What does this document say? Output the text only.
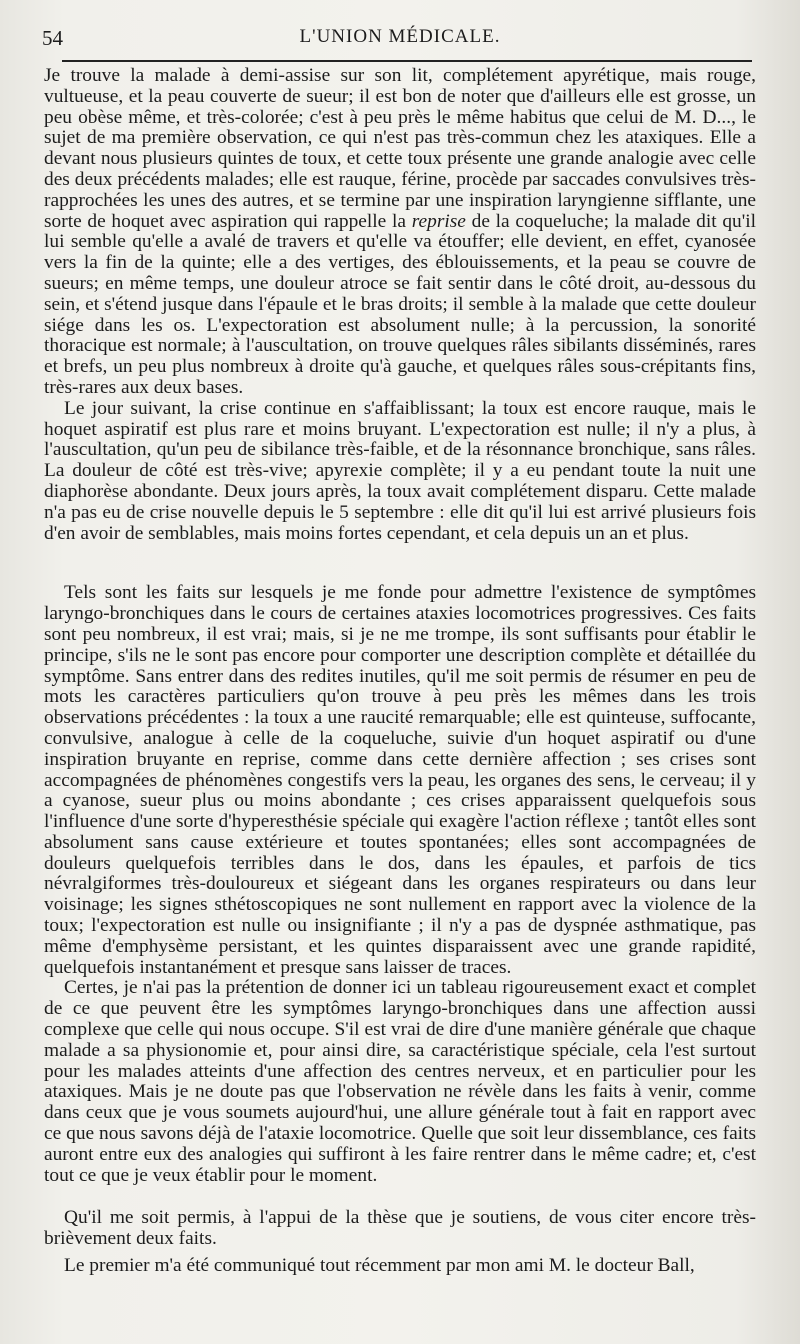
54	L'UNION MÉDICALE.

Je trouve la malade à demi-assise sur son lit, complétement apyrétique, mais rouge, vultueuse, et la peau couverte de sueur; il est bon de noter que d'ailleurs elle est grosse, un peu obèse même, et très-colorée; c'est à peu près le même habitus que celui de M. D..., le sujet de ma première observation, ce qui n'est pas très-commun chez les ataxiques. Elle a devant nous plusieurs quintes de toux, et cette toux présente une grande analogie avec celle des deux précédents malades; elle est rauque, férine, procède par saccades convulsives très-rapprochées les unes des autres, et se termine par une inspiration laryngienne sifflante, une sorte de hoquet avec aspiration qui rappelle la reprise de la coqueluche; la malade dit qu'il lui semble qu'elle a avalé de travers et qu'elle va étouffer; elle devient, en effet, cyanosée vers la fin de la quinte; elle a des vertiges, des éblouissements, et la peau se couvre de sueurs; en même temps, une douleur atroce se fait sentir dans le côté droit, au-dessous du sein, et s'étend jusque dans l'épaule et le bras droits; il semble à la malade que cette douleur siége dans les os. L'expectoration est absolument nulle; à la percussion, la sonorité thoracique est normale; à l'auscultation, on trouve quelques râles sibilants disséminés, rares et brefs, un peu plus nombreux à droite qu'à gauche, et quelques râles sous-crépitants fins, très-rares aux deux bases.

Le jour suivant, la crise continue en s'affaiblissant; la toux est encore rauque, mais le hoquet aspiratif est plus rare et moins bruyant. L'expectoration est nulle; il n'y a plus, à l'auscultation, qu'un peu de sibilance très-faible, et de la résonnance bronchique, sans râles. La douleur de côté est très-vive; apyrexie complète; il y a eu pendant toute la nuit une diaphorèse abondante. Deux jours après, la toux avait complétement disparu. Cette malade n'a pas eu de crise nouvelle depuis le 5 septembre : elle dit qu'il lui est arrivé plusieurs fois d'en avoir de semblables, mais moins fortes cependant, et cela depuis un an et plus.

Tels sont les faits sur lesquels je me fonde pour admettre l'existence de symptômes laryngo-bronchiques dans le cours de certaines ataxies locomotrices progressives. Ces faits sont peu nombreux, il est vrai; mais, si je ne me trompe, ils sont suffisants pour établir le principe, s'ils ne le sont pas encore pour comporter une description complète et détaillée du symptôme. Sans entrer dans des redites inutiles, qu'il me soit permis de résumer en peu de mots les caractères particuliers qu'on trouve à peu près les mêmes dans les trois observations précédentes : la toux a une raucité remarquable; elle est quinteuse, suffocante, convulsive, analogue à celle de la coqueluche, suivie d'un hoquet aspiratif ou d'une inspiration bruyante en reprise, comme dans cette dernière affection ; ses crises sont accompagnées de phénomènes congestifs vers la peau, les organes des sens, le cerveau; il y a cyanose, sueur plus ou moins abondante ; ces crises apparaissent quelquefois sous l'influence d'une sorte d'hyperesthésie spéciale qui exagère l'action réflexe ; tantôt elles sont absolument sans cause extérieure et toutes spontanées; elles sont accompagnées de douleurs quelquefois terribles dans le dos, dans les épaules, et parfois de tics névralgiformes très-douloureux et siégeant dans les organes respirateurs ou dans leur voisinage; les signes sthétoscopiques ne sont nullement en rapport avec la violence de la toux; l'expectoration est nulle ou insignifiante ; il n'y a pas de dyspnée asthmatique, pas même d'emphysème persistant, et les quintes disparaissent avec une grande rapidité, quelquefois instantanément et presque sans laisser de traces.

Certes, je n'ai pas la prétention de donner ici un tableau rigoureusement exact et complet de ce que peuvent être les symptômes laryngo-bronchiques dans une affection aussi complexe que celle qui nous occupe. S'il est vrai de dire d'une manière générale que chaque malade a sa physionomie et, pour ainsi dire, sa caractéristique spéciale, cela l'est surtout pour les malades atteints d'une affection des centres nerveux, et en particulier pour les ataxiques. Mais je ne doute pas que l'observation ne révèle dans les faits à venir, comme dans ceux que je vous soumets aujourd'hui, une allure générale tout à fait en rapport avec ce que nous savons déjà de l'ataxie locomotrice. Quelle que soit leur dissemblance, ces faits auront entre eux des analogies qui suffiront à les faire rentrer dans le même cadre; et, c'est tout ce que je veux établir pour le moment.

Qu'il me soit permis, à l'appui de la thèse que je soutiens, de vous citer encore très-brièvement deux faits.

Le premier m'a été communiqué tout récemment par mon ami M. le docteur Ball,
